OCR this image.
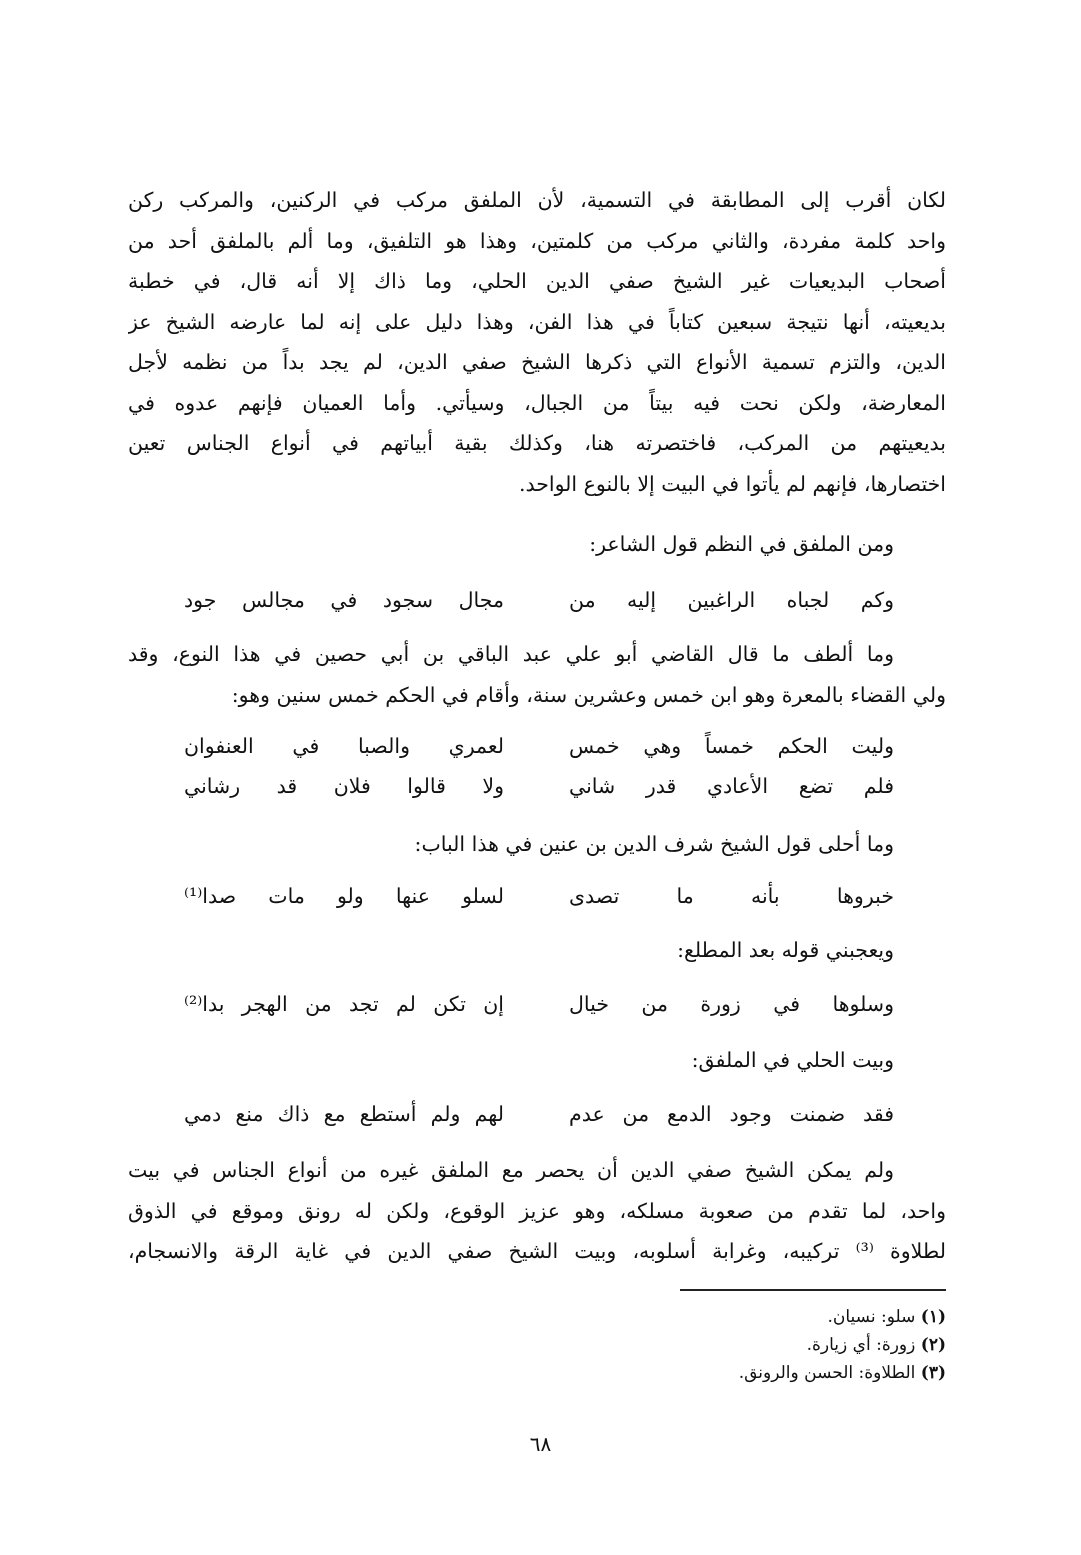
لكان أقرب إلى المطابقة في التسمية، لأن الملفق مركب في الركنين، والمركب ركن

واحد كلمة مفردة، والثاني مركب من كلمتين، وهذا هو التلفيق، وما ألم بالملفق أحد من

أصحاب البديعيات غير الشيخ صفي الدين الحلي، وما ذاك إلا أنه قال، في خطبة

بديعيته، أنها نتيجة سبعين كتاباً في هذا الفن، وهذا دليل على إنه لما عارضه الشيخ عز

الدين، والتزم تسمية الأنواع التي ذكرها الشيخ صفي الدين، لم يجد بداً من نظمه لأجل

المعارضة، ولكن نحت فيه بيتاً من الجبال، وسيأتي. وأما العميان فإنهم عدوه في

بديعيتهم من المركب، فاختصرته هنا، وكذلك بقية أبياتهم في أنواع الجناس تعين

اختصارها، فإنهم لم يأتوا في البيت إلا بالنوع الواحد.

ومن الملفق في النظم قول الشاعر:

وكم لجباه الراغبين إليه من
مجال سجود في مجالس جود

وما ألطف ما قال القاضي أبو علي عبد الباقي بن أبي حصين في هذا النوع، وقد

ولي القضاء بالمعرة وهو ابن خمس وعشرين سنة، وأقام في الحكم خمس سنين وهو:

وليت الحكم خمساً وهي خمس
لعمري والصبا في العنفوان
فلم تضع الأعادي قدر شاني
ولا قالوا فلان قد رشاني

وما أحلى قول الشيخ شرف الدين بن عنين في هذا الباب:

خبروها بأنه ما تصدى
لسلو عنها ولو مات صدا⁽¹⁾

ويعجبني قوله بعد المطلع:

وسلوها في زورة من خيال
إن تكن لم تجد من الهجر بدا⁽²⁾

وبيت الحلي في الملفق:

فقد ضمنت وجود الدمع من عدم
لهم ولم أستطع مع ذاك منع دمي

ولم يمكن الشيخ صفي الدين أن يحصر مع الملفق غيره من أنواع الجناس في بيت

واحد، لما تقدم من صعوبة مسلكه، وهو عزيز الوقوع، ولكن له رونق وموقع في الذوق

لطلاوة ⁽³⁾ تركيبه، وغرابة أسلوبه، وبيت الشيخ صفي الدين في غاية الرقة والانسجام،

(١) سلو: نسيان.
(٢) زورة: أي زيارة.
(٣) الطلاوة: الحسن والرونق.
٦٨
